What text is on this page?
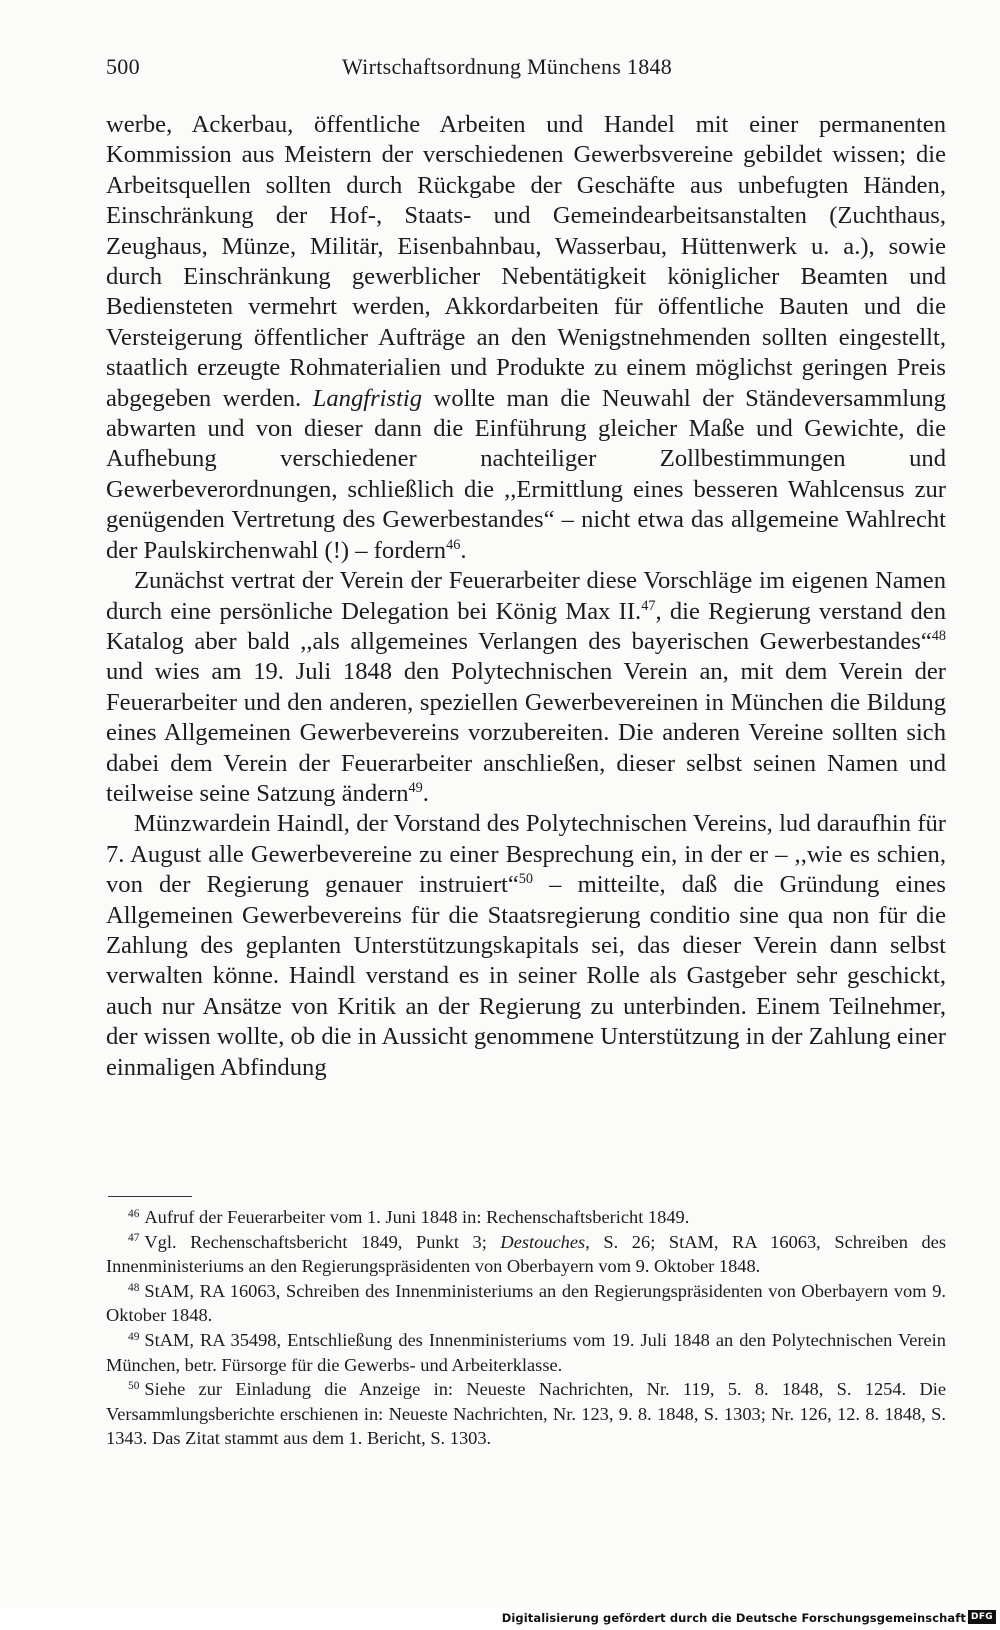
500	Wirtschaftsordnung Münchens 1848

werbe, Ackerbau, öffentliche Arbeiten und Handel mit einer permanenten Kommission aus Meistern der verschiedenen Gewerbsvereine gebildet wissen; die Arbeitsquellen sollten durch Rückgabe der Geschäfte aus unbefugten Händen, Einschränkung der Hof-, Staats- und Gemeindearbeitsanstalten (Zuchthaus, Zeughaus, Münze, Militär, Eisenbahnbau, Wasserbau, Hüttenwerk u. a.), sowie durch Einschränkung gewerblicher Nebentätigkeit königlicher Beamten und Bediensteten vermehrt werden, Akkordarbeiten für öffentliche Bauten und die Versteigerung öffentlicher Aufträge an den Wenigstnehmenden sollten eingestellt, staatlich erzeugte Rohmaterialien und Produkte zu einem möglichst geringen Preis abgegeben werden. Langfristig wollte man die Neuwahl der Ständeversammlung abwarten und von dieser dann die Einführung gleicher Maße und Gewichte, die Aufhebung verschiedener nachteiliger Zollbestimmungen und Gewerbeverordnungen, schließlich die ,,Ermittlung eines besseren Wahlcensus zur genügenden Vertretung des Gewerbestandes“ – nicht etwa das allgemeine Wahlrecht der Paulskirchenwahl (!) – fordern$^{46}$.

Zunächst vertrat der Verein der Feuerarbeiter diese Vorschläge im eigenen Namen durch eine persönliche Delegation bei König Max II.$^{47}$, die Regierung verstand den Katalog aber bald ,,als allgemeines Verlangen des bayerischen Gewerbestandes“$^{48}$ und wies am 19. Juli 1848 den Polytechnischen Verein an, mit dem Verein der Feuerarbeiter und den anderen, speziellen Gewerbevereinen in München die Bildung eines Allgemeinen Gewerbevereins vorzubereiten. Die anderen Vereine sollten sich dabei dem Verein der Feuerarbeiter anschließen, dieser selbst seinen Namen und teilweise seine Satzung ändern$^{49}$.

Münzwardein Haindl, der Vorstand des Polytechnischen Vereins, lud daraufhin für 7. August alle Gewerbevereine zu einer Besprechung ein, in der er – ,,wie es schien, von der Regierung genauer instruiert“$^{50}$ – mitteilte, daß die Gründung eines Allgemeinen Gewerbevereins für die Staatsregierung conditio sine qua non für die Zahlung des geplanten Unterstützungskapitals sei, das dieser Verein dann selbst verwalten könne. Haindl verstand es in seiner Rolle als Gastgeber sehr geschickt, auch nur Ansätze von Kritik an der Regierung zu unterbinden. Einem Teilnehmer, der wissen wollte, ob die in Aussicht genommene Unterstützung in der Zahlung einer einmaligen Abfindung

$^{46}$ Aufruf der Feuerarbeiter vom 1. Juni 1848 in: Rechenschaftsbericht 1849.

$^{47}$ Vgl. Rechenschaftsbericht 1849, Punkt 3; Destouches, S. 26; StAM, RA 16063, Schreiben des Innenministeriums an den Regierungspräsidenten von Oberbayern vom 9. Oktober 1848.

$^{48}$ StAM, RA 16063, Schreiben des Innenministeriums an den Regierungspräsidenten von Oberbayern vom 9. Oktober 1848.

$^{49}$ StAM, RA 35498, Entschließung des Innenministeriums vom 19. Juli 1848 an den Polytechnischen Verein München, betr. Fürsorge für die Gewerbs- und Arbeiterklasse.

$^{50}$ Siehe zur Einladung die Anzeige in: Neueste Nachrichten, Nr. 119, 5. 8. 1848, S. 1254. Die Versammlungsberichte erschienen in: Neueste Nachrichten, Nr. 123, 9. 8. 1848, S. 1303; Nr. 126, 12. 8. 1848, S. 1343. Das Zitat stammt aus dem 1. Bericht, S. 1303.

Digitalisierung gefördert durch die Deutsche Forschungsgemeinschaft DFG
